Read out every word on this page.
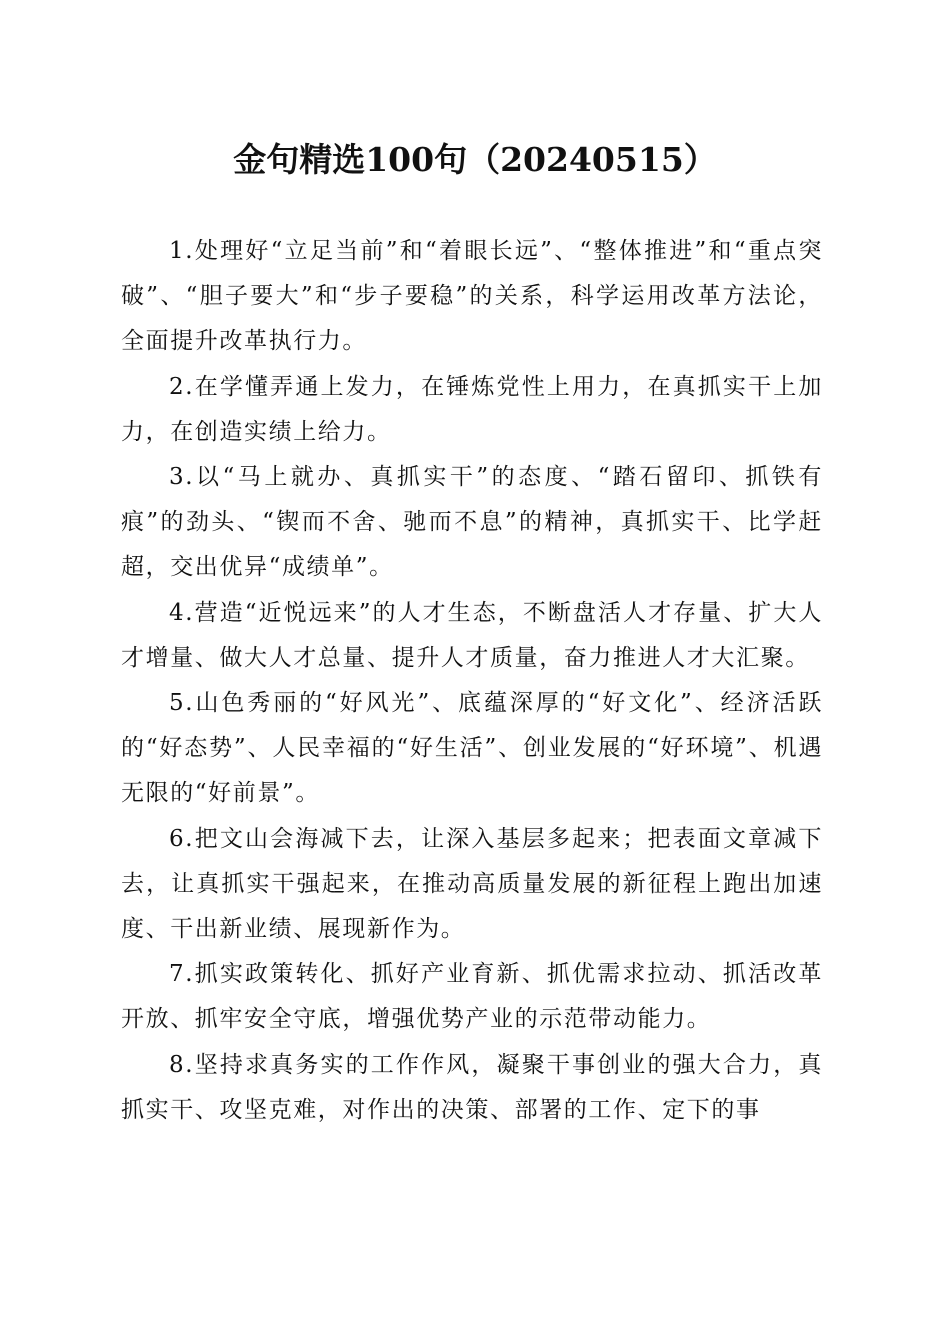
金句精选100句（20240515）

1.处理好“立足当前”和“着眼长远”、“整体推进”和“重点突破”、“胆子要大”和“步子要稳”的关系，科学运用改革方法论，全面提升改革执行力。

2.在学懂弄通上发力，在锤炼党性上用力，在真抓实干上加力，在创造实绩上给力。

3.以“马上就办、真抓实干”的态度、“踏石留印、抓铁有痕”的劲头、“锲而不舍、驰而不息”的精神，真抓实干、比学赶超，交出优异“成绩单”。

4.营造“近悦远来”的人才生态，不断盘活人才存量、扩大人才增量、做大人才总量、提升人才质量，奋力推进人才大汇聚。

5.山色秀丽的“好风光”、底蕴深厚的“好文化”、经济活跃的“好态势”、人民幸福的“好生活”、创业发展的“好环境”、机遇无限的“好前景”。

6.把文山会海减下去，让深入基层多起来；把表面文章减下去，让真抓实干强起来，在推动高质量发展的新征程上跑出加速度、干出新业绩、展现新作为。

7.抓实政策转化、抓好产业育新、抓优需求拉动、抓活改革开放、抓牢安全守底，增强优势产业的示范带动能力。

8.坚持求真务实的工作作风，凝聚干事创业的强大合力，真抓实干、攻坚克难，对作出的决策、部署的工作、定下的事
